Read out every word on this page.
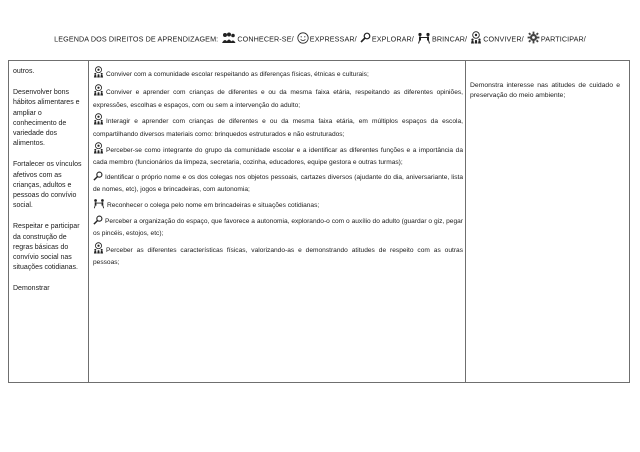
LEGENDA DOS DIREITOS DE APRENDIZAGEM:	CONHECER-SE/ EXPRESSAR/ EXPLORAR/	BRINCAR/ CONVIVER/ PARTICIPAR/

outros.

Desenvolver bons hábitos alimentares e ampliar o conhecimento de variedade dos alimentos.

Fortalecer os vínculos afetivos com as crianças, adultos e pessoas do convívio social.

Respeitar e participar da construção de regras básicas do convívio social nas situações cotidianas.

Demonstrar

Conviver com a comunidade escolar respeitando as diferenças físicas, étnicas e culturais;
Conviver e aprender com crianças de diferentes e ou da mesma faixa etária, respeitando as diferentes opiniões, expressões, escolhas e espaços, com ou sem a intervenção do adulto;
Interagir e aprender com crianças de diferentes e ou da mesma faixa etária, em múltiplos espaços da escola, compartilhando diversos materiais como: brinquedos estruturados e não estruturados;
Perceber-se como integrante do grupo da comunidade escolar e a identificar as diferentes funções e a importância da cada membro (funcionários da limpeza, secretaria, cozinha, educadores, equipe gestora e outras turmas);
Identificar o próprio nome e os dos colegas nos objetos pessoais, cartazes diversos (ajudante do dia, aniversariante, lista de nomes, etc), jogos e brincadeiras, com autonomia;
Reconhecer o colega pelo nome em brincadeiras e situações cotidianas;
Perceber a organização do espaço, que favorece a autonomia, explorando-o com o auxílio do adulto (guardar o giz, pegar os pincéis, estojos, etc);
Perceber as diferentes características físicas, valorizando-as e demonstrando atitudes de respeito com as outras pessoas;
Demonstra interesse nas atitudes de cuidado e preservação do meio ambiente;
